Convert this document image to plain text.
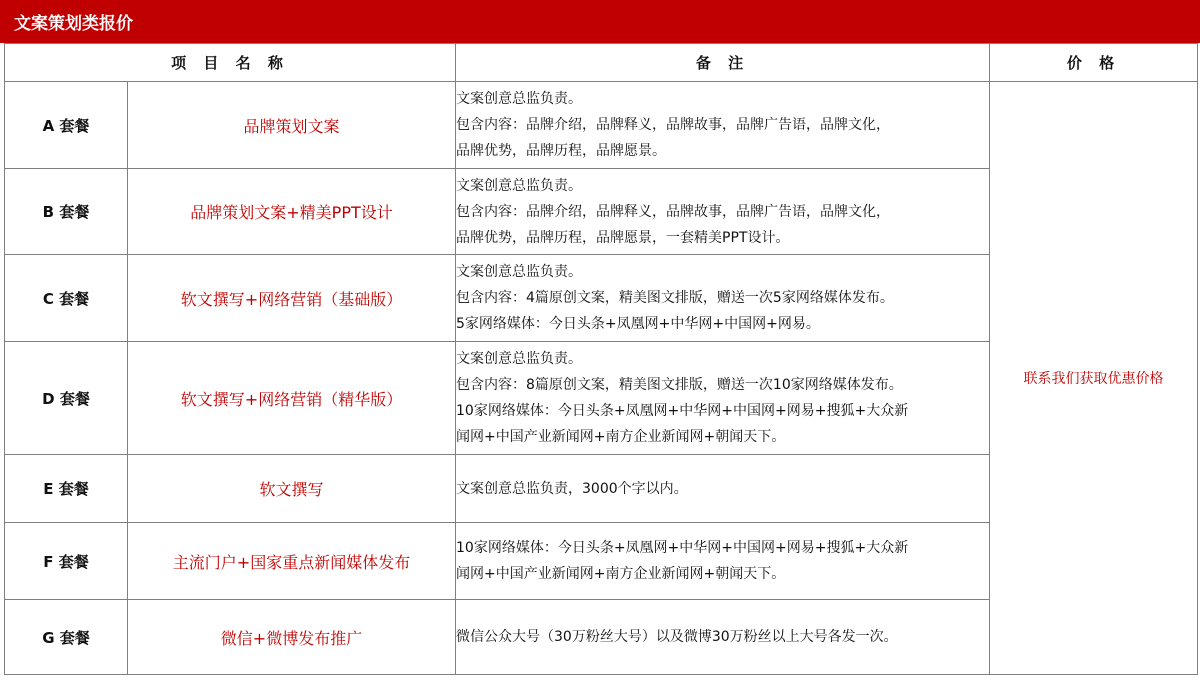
文案策划类报价
项 目 名 称		备 注	价 格
A 套餐	品牌策划文案	文案创意总监负责。
包含内容：品牌介绍，品牌释义，品牌故事，品牌广告语，品牌文化，
品牌优势，品牌历程，品牌愿景。	联系我们获取优惠价格
B 套餐	品牌策划文案+精美PPT设计	文案创意总监负责。
包含内容：品牌介绍，品牌释义，品牌故事，品牌广告语，品牌文化，
品牌优势，品牌历程，品牌愿景，一套精美PPT设计。	

C 套餐	软文撰写+网络营销（基础版）	文案创意总监负责。
包含内容：4篇原创文案，精美图文排版，赠送一次5家网络媒体发布。
5家网络媒体：今日头条+凤凰网+中华网+中国网+网易。	

D 套餐	软文撰写+网络营销（精华版）	文案创意总监负责。
包含内容：8篇原创文案，精美图文排版，赠送一次10家网络媒体发布。
10家网络媒体：今日头条+凤凰网+中华网+中国网+网易+搜狐+大众新
闻网+中国产业新闻网+南方企业新闻网+朝闻天下。	

E 套餐	软文撰写	文案创意总监负责，3000个字以内。	

F 套餐	主流门户+国家重点新闻媒体发布	10家网络媒体：今日头条+凤凰网+中华网+中国网+网易+搜狐+大众新
闻网+中国产业新闻网+南方企业新闻网+朝闻天下。	

G 套餐	微信+微博发布推广	微信公众大号（30万粉丝大号）以及微博30万粉丝以上大号各发一次。	
